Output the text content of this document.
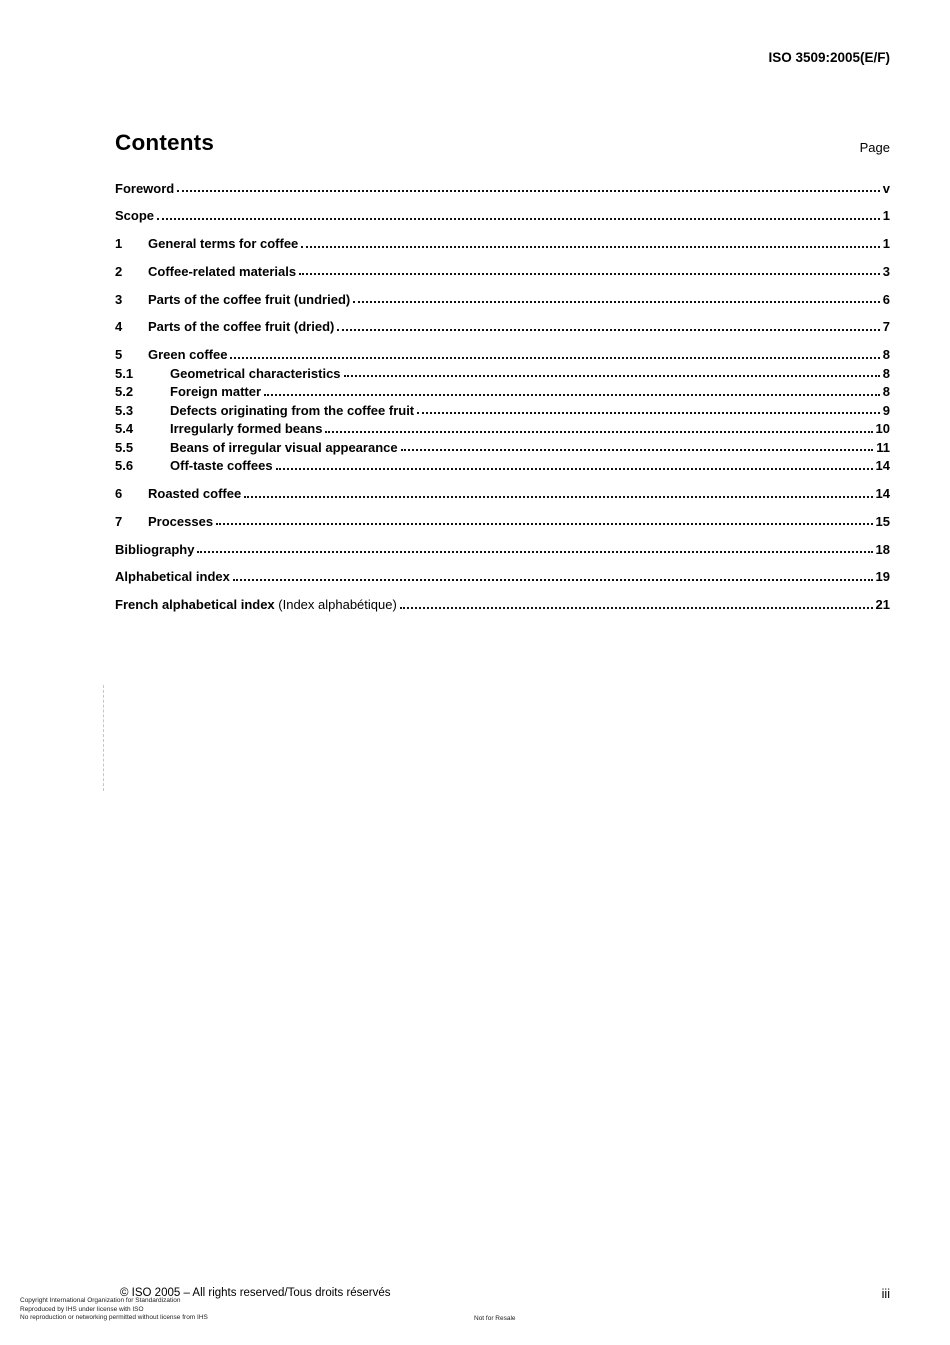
ISO 3509:2005(E/F)
Contents	Page
Foreword	v
Scope	1
1	General terms for coffee	1
2	Coffee-related materials	3
3	Parts of the coffee fruit (undried)	6
4	Parts of the coffee fruit (dried)	7
5	Green coffee	8
5.1	Geometrical characteristics	8
5.2	Foreign matter	8
5.3	Defects originating from the coffee fruit	9
5.4	Irregularly formed beans	10
5.5	Beans of irregular visual appearance	11
5.6	Off-taste coffees	14
6	Roasted coffee	14
7	Processes	15
Bibliography	18
Alphabetical index	19
French alphabetical index (Index alphabétique)	21
© ISO 2005 – All rights reserved/Tous droits réservés	iii
Copyright International Organization for Standardization
Reproduced by IHS under license with ISO
No reproduction or networking permitted without license from IHS	Not for Resale
